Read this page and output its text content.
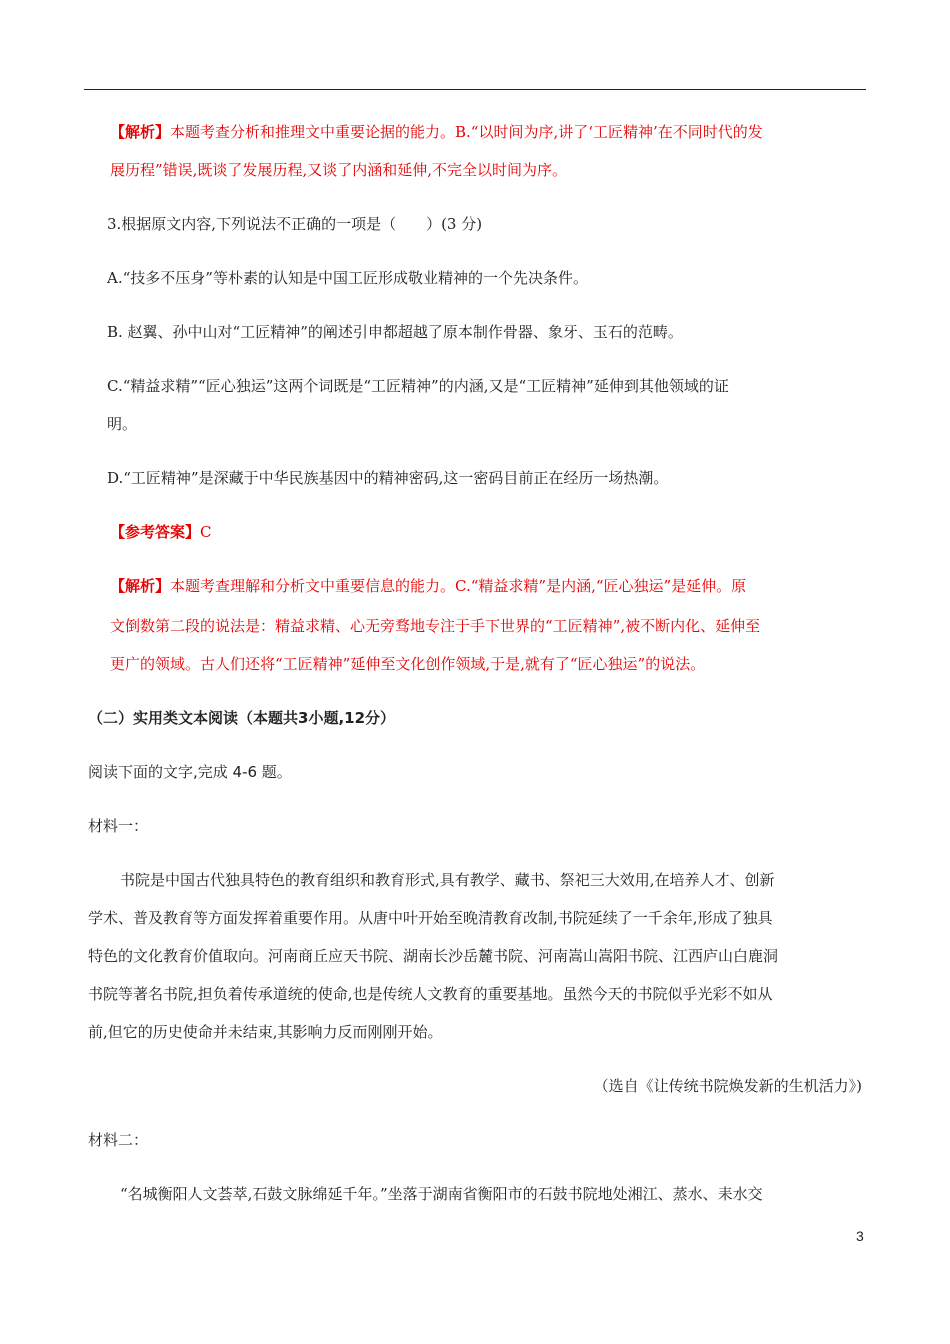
【解析】本题考查分析和推理文中重要论据的能力。B.“以时间为序,讲了‘工匠精神’在不同时代的发
展历程”错误,既谈了发展历程,又谈了内涵和延伸,不完全以时间为序。
3.根据原文内容,下列说法不正确的一项是（　　）(3 分)
A.“技多不压身”等朴素的认知是中国工匠形成敬业精神的一个先决条件。
B. 赵翼、孙中山对“工匠精神”的阐述引申都超越了原本制作骨器、象牙、玉石的范畴。
C.“精益求精”“匠心独运”这两个词既是“工匠精神”的内涵,又是“工匠精神”延伸到其他领域的证
明。
D.“工匠精神”是深藏于中华民族基因中的精神密码,这一密码目前正在经历一场热潮。
【参考答案】C
【解析】本题考查理解和分析文中重要信息的能力。C.“精益求精”是内涵,“匠心独运”是延伸。原
文倒数第二段的说法是：精益求精、心无旁骛地专注于手下世界的“工匠精神”,被不断内化、延伸至
更广的领域。古人们还将“工匠精神”延伸至文化创作领域,于是,就有了“匠心独运”的说法。
（二）实用类文本阅读（本题共3小题,12分）
阅读下面的文字,完成 4-6 题。
材料一：
书院是中国古代独具特色的教育组织和教育形式,具有教学、藏书、祭祀三大效用,在培养人才、创新
学术、普及教育等方面发挥着重要作用。从唐中叶开始至晚清教育改制,书院延续了一千余年,形成了独具
特色的文化教育价值取向。河南商丘应天书院、湖南长沙岳麓书院、河南嵩山嵩阳书院、江西庐山白鹿洞
书院等著名书院,担负着传承道统的使命,也是传统人文教育的重要基地。虽然今天的书院似乎光彩不如从
前,但它的历史使命并未结束,其影响力反而刚刚开始。
（选自《让传统书院焕发新的生机活力》)
材料二：
“名城衡阳人文荟萃,石鼓文脉绵延千年。”坐落于湖南省衡阳市的石鼓书院地处湘江、蒸水、耒水交
3
